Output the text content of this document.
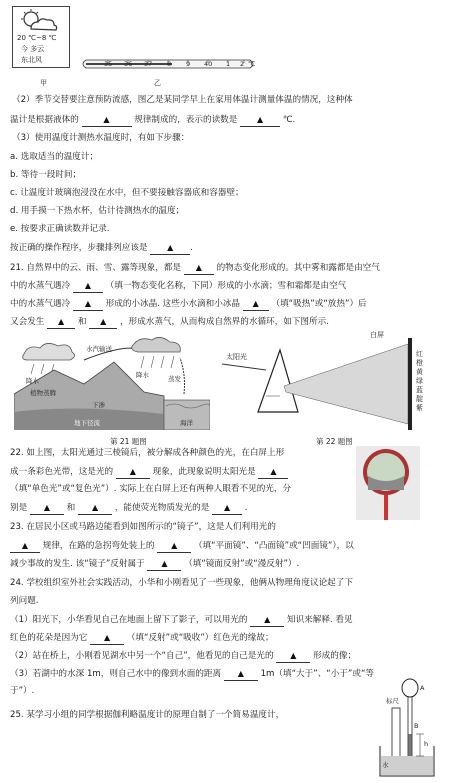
20 ℃~8 ℃
今 多云
东北风	35 36 37 8 9 40 1 2 ℃
甲	乙
（2）季节交替要注意预防流感，图乙是某同学早上在家用体温计测量体温的情况，这种体
温计是根据液体的	▲	规律制成的，表示的读数是 ▲ ℃.
（3）使用温度计测热水温度时，有如下步骤：
a. 选取适当的温度计；
b. 等待一段时间；
c. 让温度计玻璃泡浸没在水中，但不要接触容器底和容器壁；
d. 用手摸一下热水杯，估计待测热水的温度；
e. 按要求正确读数并记录.
按正确的操作程序，步骤排列应该是 ▲ .
21. 自然界中的云、雨、雪、露等现象，都是 ▲ 的物态变化形成的。其中雾和露都是由空气
中的水蒸气遇冷 ▲ （填一物态变化名称，下同）形成的小水滴；雪和霜都是由空气
中的水蒸气遇冷 ▲ 形成的小冰晶. 这些小水滴和小冰晶 ▲ （填“吸热”或“放热”）后
又会发生 ▲ 和 ▲ ，形成水蒸气，从而构成自然界的水循环，如下图所示.
降水
水汽输送
植物蒸腾
降水	蒸发
下渗
地下径流	海洋
第 21 题图
太阳光
白屏
红橙黄绿蓝靛紫
第 22 题图
22. 如上图，太阳光通过三棱镜后，被分解成各种颜色的光，在白屏上形
成一条彩色光带，这是光的 ▲ 现象，此现象说明太阳光是 ▲
（填“单色光”或“复色光”）. 实际上在白屏上还有两种人眼看不见的光，分
别是 ▲ 和 ▲ ，能使荧光物质发光的是 ▲ .
23. 在居民小区或马路边能看到如图所示的“镜子”，这是人们利用光的
▲ 规律，在路的急拐弯处装上的 ▲ （填“平面镜”、“凸面镜”或“凹面镜”），以
减少事故的发生. 该“镜子”反射属于 ▲ （填“镜面反射”或“漫反射”）.
24. 学校组织室外社会实践活动，小华和小刚看见了一些现象，他俩从物理角度议论起了下
列问题.
（1）阳光下，小华看见自己在地面上留下了影子，可以用光的 ▲ 知识来解释. 看见
红色的花朵是因为它 ▲ （填“反射”或“吸收”）红色光的缘故；
（2）站在桥上，小刚看见湖水中另一个“自己”，他看见的自己是光的 ▲ 形成的像；
（3）若湖中的水深 1m，则自己水中的像到水面的距离 ▲ 1m（填“大于”、“小于”或“等
于”）.
25. 某学习小组的同学根据伽利略温度计的原理自制了一个简易温度计，
A
B
h
标尺
水
